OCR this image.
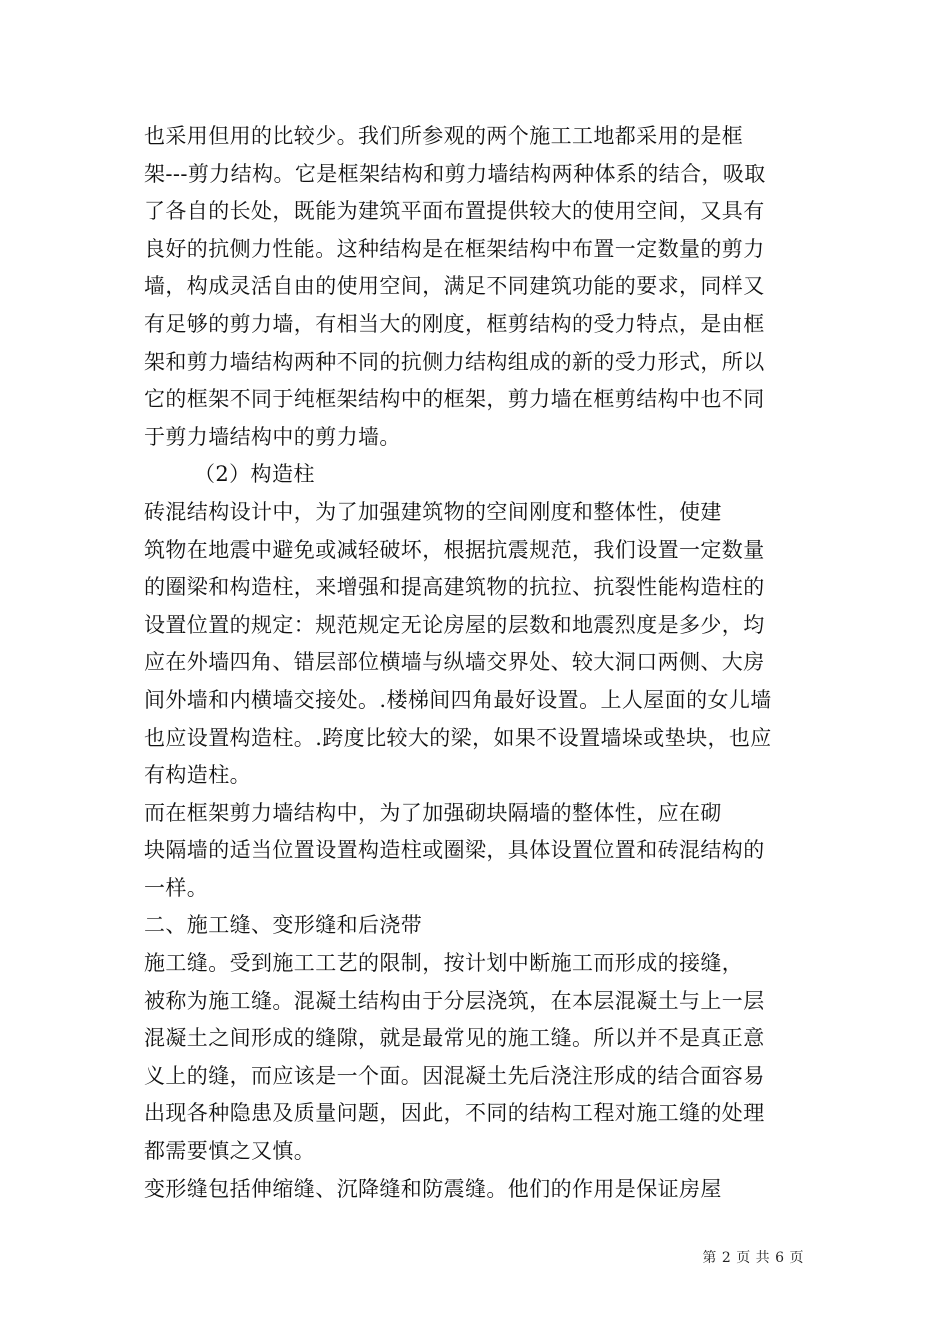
也采用但用的比较少。我们所参观的两个施工工地都采用的是框
架---剪力结构。它是框架结构和剪力墙结构两种体系的结合，吸取
了各自的长处，既能为建筑平面布置提供较大的使用空间，又具有
良好的抗侧力性能。这种结构是在框架结构中布置一定数量的剪力
墙，构成灵活自由的使用空间，满足不同建筑功能的要求，同样又
有足够的剪力墙，有相当大的刚度，框剪结构的受力特点，是由框
架和剪力墙结构两种不同的抗侧力结构组成的新的受力形式，所以
它的框架不同于纯框架结构中的框架，剪力墙在框剪结构中也不同
于剪力墙结构中的剪力墙。
（2）构造柱
砖混结构设计中，为了加强建筑物的空间刚度和整体性，使建
筑物在地震中避免或减轻破坏，根据抗震规范，我们设置一定数量
的圈梁和构造柱，来增强和提高建筑物的抗拉、抗裂性能构造柱的
设置位置的规定：规范规定无论房屋的层数和地震烈度是多少，均
应在外墙四角、错层部位横墙与纵墙交界处、较大洞口两侧、大房
间外墙和内横墙交接处。.楼梯间四角最好设置。上人屋面的女儿墙
也应设置构造柱。.跨度比较大的梁，如果不设置墙垛或垫块，也应
有构造柱。
而在框架剪力墙结构中，为了加强砌块隔墙的整体性，应在砌
块隔墙的适当位置设置构造柱或圈梁，具体设置位置和砖混结构的
一样。
二、施工缝、变形缝和后浇带
施工缝。受到施工工艺的限制，按计划中断施工而形成的接缝，
被称为施工缝。混凝土结构由于分层浇筑，在本层混凝土与上一层
混凝土之间形成的缝隙，就是最常见的施工缝。所以并不是真正意
义上的缝，而应该是一个面。因混凝土先后浇注形成的结合面容易
出现各种隐患及质量问题，因此，不同的结构工程对施工缝的处理
都需要慎之又慎。
变形缝包括伸缩缝、沉降缝和防震缝。他们的作用是保证房屋
第 2 页 共 6 页
